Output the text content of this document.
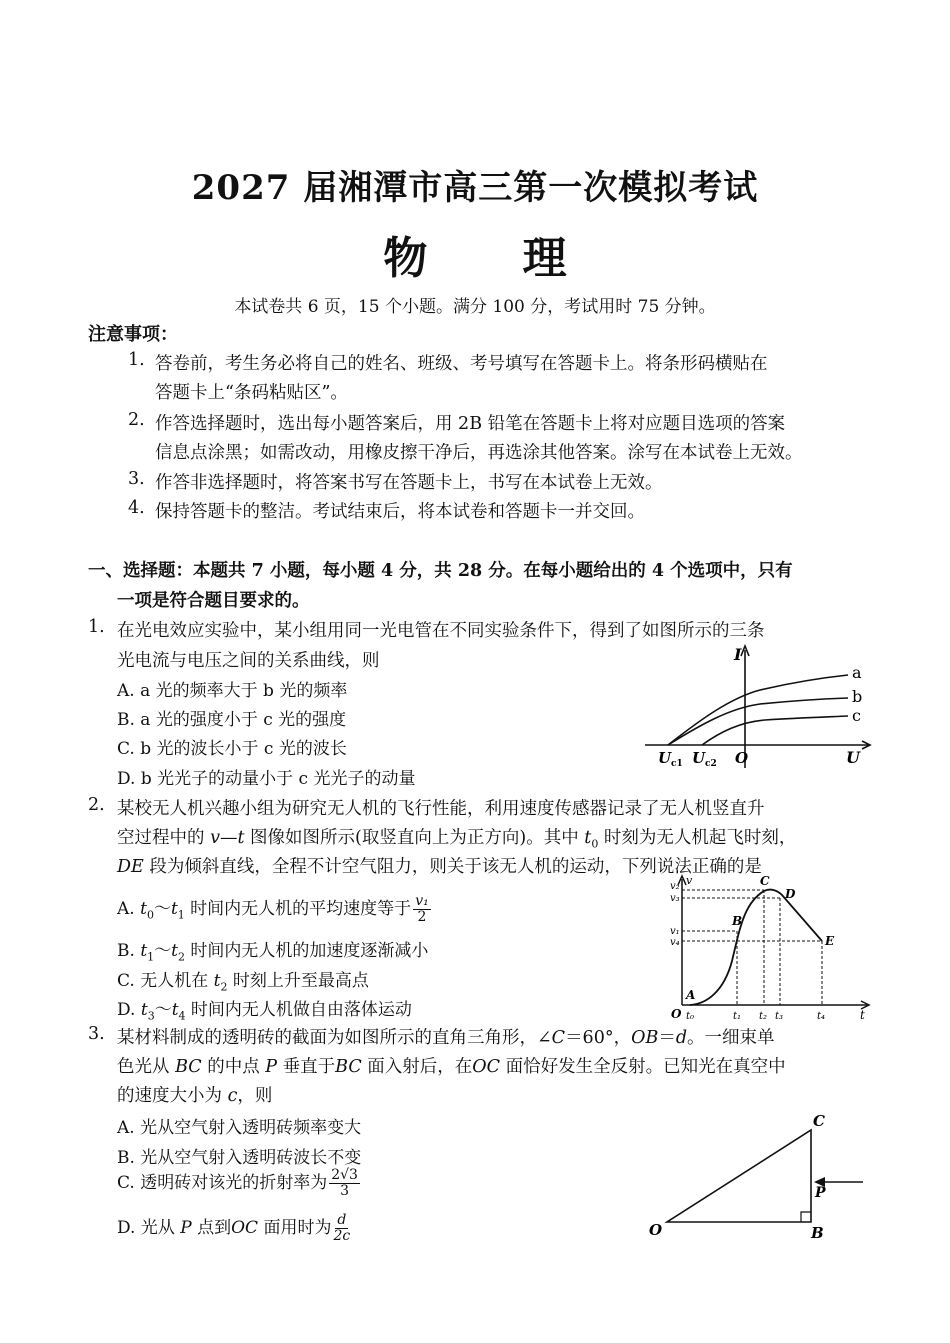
2027 届湘潭市高三第一次模拟考试
物 理
本试卷共 6 页，15 个小题。满分 100 分，考试用时 75 分钟。
注意事项：
1. 答卷前，考生务必将自己的姓名、班级、考号填写在答题卡上。将条形码横贴在
答题卡上“条码粘贴区”。
2. 作答选择题时，选出每小题答案后，用 2B 铅笔在答题卡上将对应题目选项的答案
信息点涂黑；如需改动，用橡皮擦干净后，再选涂其他答案。涂写在本试卷上无效。
3. 作答非选择题时，将答案书写在答题卡上，书写在本试卷上无效。
4. 保持答题卡的整洁。考试结束后，将本试卷和答题卡一并交回。
一、选择题：本题共 7 小题，每小题 4 分，共 28 分。在每小题给出的 4 个选项中，只有
一项是符合题目要求的。
1. 在光电效应实验中，某小组用同一光电管在不同实验条件下，得到了如图所示的三条
光电流与电压之间的关系曲线，则
A. a 光的频率大于 b 光的频率
B. a 光的强度小于 c 光的强度
C. b 光的波长小于 c 光的波长
D. b 光光子的动量小于 c 光光子的动量
I
a
b
c
U
O
U c1 U c2
2. 某校无人机兴趣小组为研究无人机的飞行性能，利用速度传感器记录了无人机竖直升
空过程中的 v—t 图像如图所示(取竖直向上为正方向)。其中 $t_0$ 时刻为无人机起飞时刻，
DE 段为倾斜直线，全程不计空气阻力，则关于该无人机的运动，下列说法正确的是
A. $t_0\sim t_1$ 时间内无人机的平均速度等于 $\frac{\text{v₁}}{2}$
B. $t_1\sim t_2$ 时间内无人机的加速度逐渐减小
C. 无人机在 $t_2$ 时刻上升至最高点
D. $t_3\sim t_4$ 时间内无人机做自由落体运动
v₂
v₃
v₁
v₄
v	C
D
B
E
A
O t₀	t₁ t₂ t₃	t₄	t
3. 某材料制成的透明砖的截面为如图所示的直角三角形，∠C＝60°，OB＝d。一细束单
色光从 BC 的中点 P 垂直于BC 面入射后，在OC 面恰好发生全反射。已知光在真空中
的速度大小为 c，则
A. 光从空气射入透明砖频率变大
B. 光从空气射入透明砖波长不变
C. 透明砖对该光的折射率为 $\frac{2√3}{3}$
D. 光从 P 点到OC 面用时为 $\frac{d}{2c}$	O	B
C
P
